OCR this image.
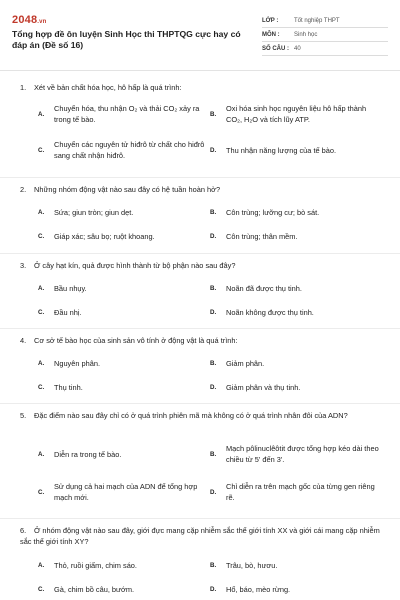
2048.vn
Tổng hợp đề ôn luyện Sinh Học thi THPTQG cực hay có đáp án (Đề số 16)
LỚP :	Tốt nghiệp THPT
MÔN :	Sinh học
SỐ CÂU : 40
1. Xét về bản chất hóa học, hô hấp là quá trình:
A.
Chuyển hóa, thu nhận O₂ và thải CO₂ xảy ra trong tế bào.	B.
Oxi hóa sinh học nguyên liệu hô hấp thành CO₂, H₂O và tích lũy ATP.
C.
Chuyển các nguyên tử hiđrô từ chất cho hiđrô sang chất nhận hiđrô.	D. Thu nhận năng lượng của tế bào.
2. Những nhóm động vật nào sau đây có hệ tuần hoàn hở?
A. Sứa; giun tròn; giun dẹt.	B. Côn trùng; lưỡng cư; bò sát.
C. Giáp xác; sâu bọ; ruột khoang.	D. Côn trùng; thân mềm.
3. Ở cây hạt kín, quả được hình thành từ bộ phận nào sau đây?
A. Bầu nhụy.	B. Noãn đã được thụ tinh.
C. Đầu nhị.	D. Noãn không được thụ tinh.
4. Cơ sở tế bào học của sinh sản vô tính ở động vật là quá trình:
A. Nguyên phân.	B. Giảm phân.
C. Thụ tinh.	D. Giảm phân và thụ tinh.
5. Đặc điểm nào sau đây chỉ có ở quá trình phiên mã mà không có ở quá trình nhân đôi của ADN?
A. Diễn ra trong tế bào.	B.
Mạch pôlinuclêôtit được tổng hợp kéo dài theo chiều từ 5' đến 3'.
C.
Sử dụng cả hai mạch của ADN để tổng hợp mạch mới.	D.
Chỉ diễn ra trên mạch gốc của từng gen riêng rẽ.
6. Ở nhóm động vật nào sau đây, giới đực mang cặp nhiễm sắc thể giới tính XX và giới cái mang cặp nhiễm sắc thể giới tính XY?
A. Thỏ, ruồi giấm, chim sáo.	B. Trâu, bò, hươu.
C. Gà, chim bồ câu, bướm.	D. Hổ, báo, mèo rừng.
